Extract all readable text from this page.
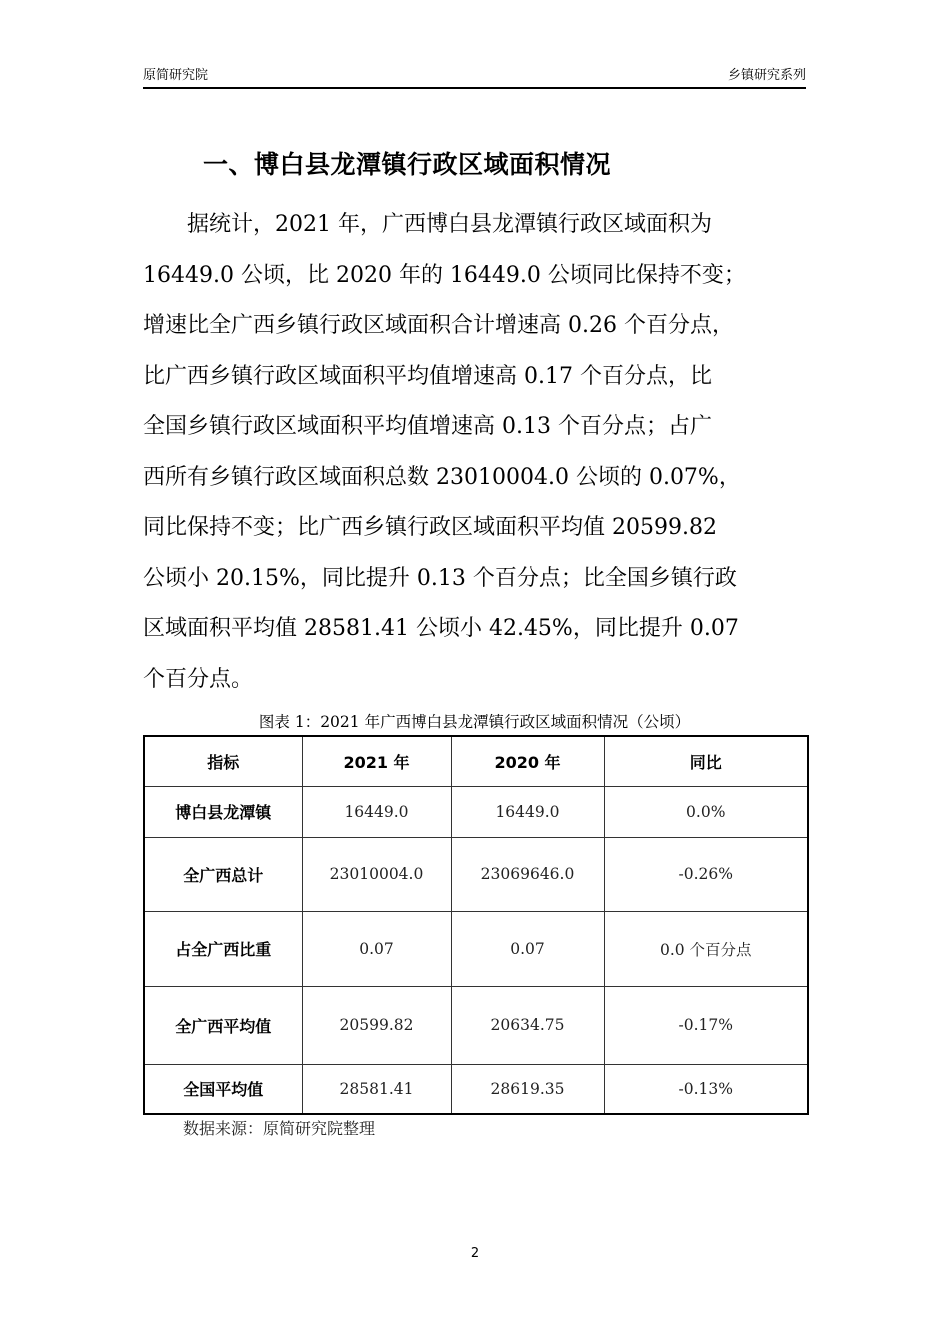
原简研究院	乡镇研究系列
一、博白县龙潭镇行政区域面积情况
　　据统计，2021 年，广西博白县龙潭镇行政区域面积为
16449.0 公顷，比 2020 年的 16449.0 公顷同比保持不变；
增速比全广西乡镇行政区域面积合计增速高 0.26 个百分点，
比广西乡镇行政区域面积平均值增速高 0.17 个百分点，比
全国乡镇行政区域面积平均值增速高 0.13 个百分点；占广
西所有乡镇行政区域面积总数 23010004.0 公顷的 0.07%，
同比保持不变；比广西乡镇行政区域面积平均值 20599.82
公顷小 20.15%，同比提升 0.13 个百分点；比全国乡镇行政
区域面积平均值 28581.41 公顷小 42.45%，同比提升 0.07
个百分点。
图表 1：2021 年广西博白县龙潭镇行政区域面积情况（公顷）
指标	2021 年	2020 年	同比
博白县龙潭镇	16449.0	16449.0	0.0%
全广西总计	23010004.0	23069646.0	-0.26%
占全广西比重	0.07	0.07	0.0 个百分点
全广西平均值	20599.82	20634.75	-0.17%
全国平均值	28581.41	28619.35	-0.13%
数据来源：原简研究院整理
2
